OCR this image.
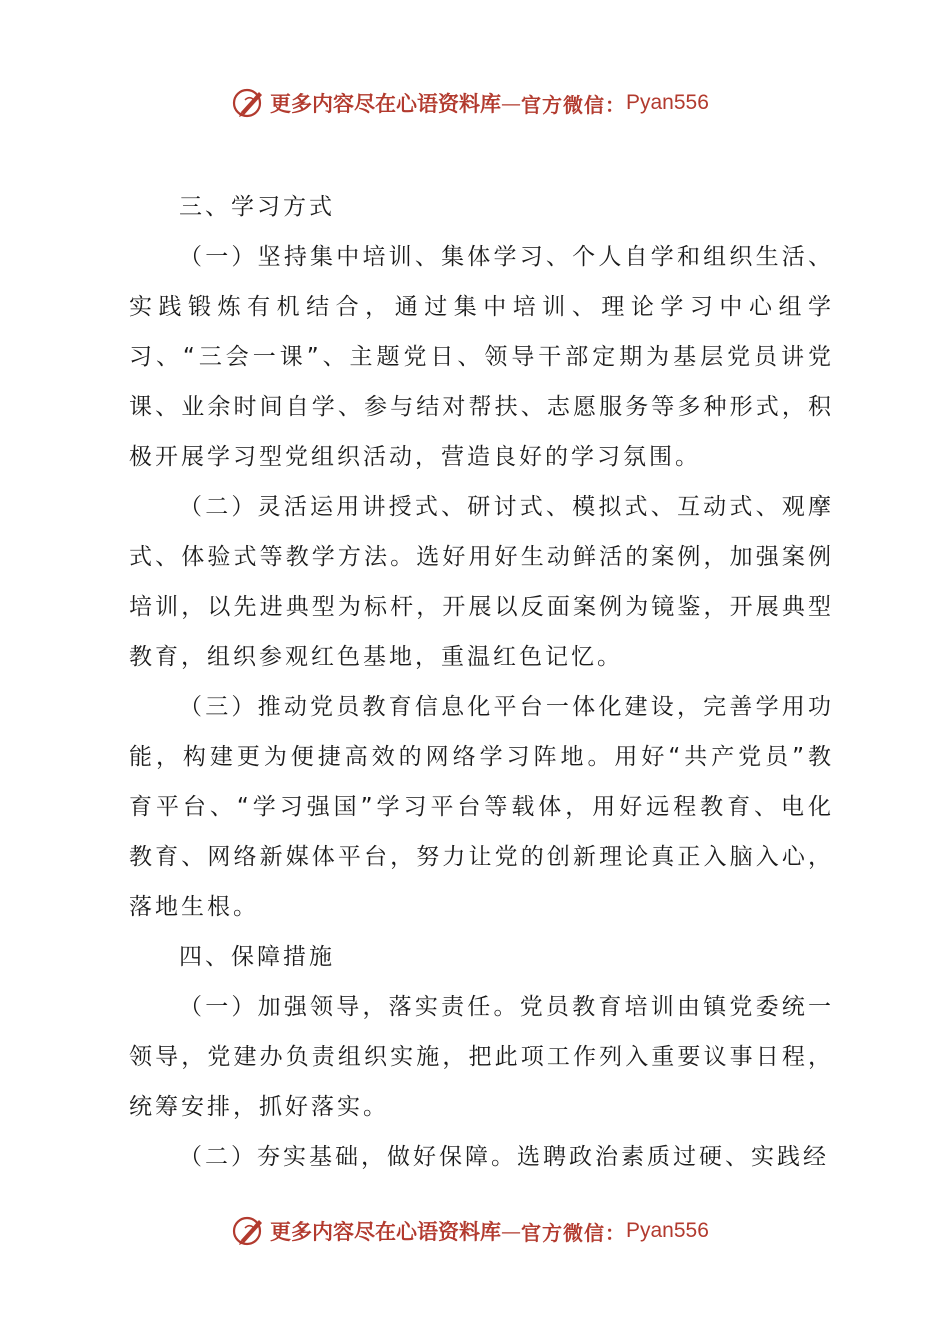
更多内容尽在心语资料库 — 官方微信： Pyan556

三、学习方式

（一）坚持集中培训、集体学习、个人自学和组织生活、实践锻炼有机结合，通过集中培训、理论学习中心组学习、“三会一课”、主题党日、领导干部定期为基层党员讲党课、业余时间自学、参与结对帮扶、志愿服务等多种形式，积极开展学习型党组织活动，营造良好的学习氛围。

（二）灵活运用讲授式、研讨式、模拟式、互动式、观摩式、体验式等教学方法。选好用好生动鲜活的案例，加强案例培训，以先进典型为标杆，开展以反面案例为镜鉴，开展典型教育，组织参观红色基地，重温红色记忆。

（三）推动党员教育信息化平台一体化建设，完善学用功能，构建更为便捷高效的网络学习阵地。用好“共产党员”教育平台、“学习强国”学习平台等载体，用好远程教育、电化教育、网络新媒体平台，努力让党的创新理论真正入脑入心，落地生根。

四、保障措施

（一）加强领导，落实责任。党员教育培训由镇党委统一领导，党建办负责组织实施，把此项工作列入重要议事日程，统筹安排，抓好落实。

（二）夯实基础，做好保障。选聘政治素质过硬、实践经

更多内容尽在心语资料库 — 官方微信： Pyan556
